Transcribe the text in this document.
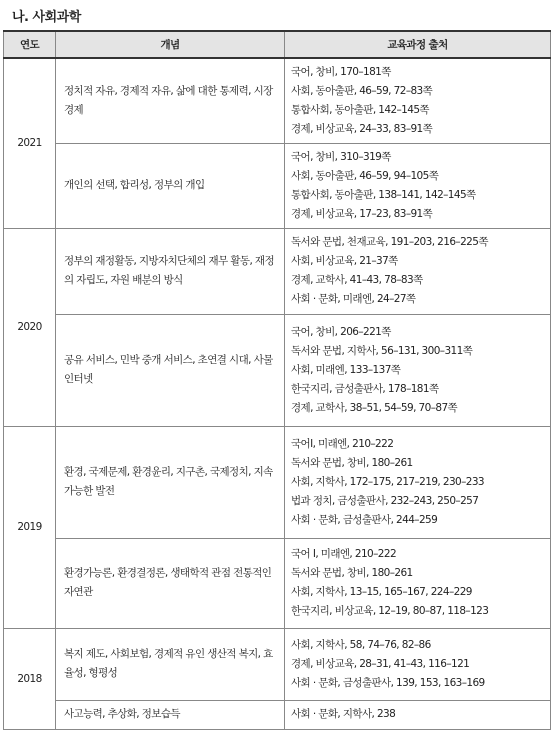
나. 사회과학
연도	개념	교육과정 출처
2021	정치적 자유, 경제적 자유, 삶에 대한 통제력, 시장경제	국어, 창비, 170–181쪽
사회, 동아출판, 46–59, 72–83쪽
통합사회, 동아출판, 142–145쪽
경제, 비상교육, 24–33, 83–91쪽

	개인의 선택, 합리성, 정부의 개입	국어, 창비, 310–319쪽
사회, 동아출판, 46–59, 94–105쪽
통합사회, 동아출판, 138–141, 142–145쪽
경제, 비상교육, 17–23, 83–91쪽

2020	정부의 재정활동, 지방자치단체의 재무 활동, 재정의 자립도, 자원 배분의 방식	독서와 문법, 천재교육, 191–203, 216–225쪽
사회, 비상교육, 21–37쪽
경제, 교학사, 41–43, 78–83쪽
사회 · 문화, 미래엔, 24–27쪽

	공유 서비스, 민박 중개 서비스, 초연결 시대, 사물 인터넷	국어, 창비, 206–221쪽
독서와 문법, 지학사, 56–131, 300–311쪽
사회, 미래엔, 133–137쪽
한국지리, 금성출판사, 178–181쪽
경제, 교학사, 38–51, 54–59, 70–87쪽

2019	환경, 국제문제, 환경윤리, 지구촌, 국제정치, 지속가능한 발전	국어Ⅰ, 미래엔, 210–222
독서와 문법, 창비, 180–261
사회, 지학사, 172–175, 217–219, 230–233
법과 정치, 금성출판사, 232–243, 250–257
사회 · 문화, 금성출판사, 244–259

	환경가능론, 환경결정론, 생태학적 관점 전통적인 자연관	국어 Ⅰ, 미래엔, 210–222
독서와 문법, 창비, 180–261
사회, 지학사, 13–15, 165–167, 224–229
한국지리, 비상교육, 12–19, 80–87, 118–123

2018	복지 제도, 사회보험, 경제적 유인 생산적 복지, 효율성, 형평성	사회, 지학사, 58, 74–76, 82–86
경제, 비상교육, 28–31, 41–43, 116–121
사회 · 문화, 금성출판사, 139, 153, 163–169

	사고능력, 추상화, 정보습득	사회 · 문화, 지학사, 238
